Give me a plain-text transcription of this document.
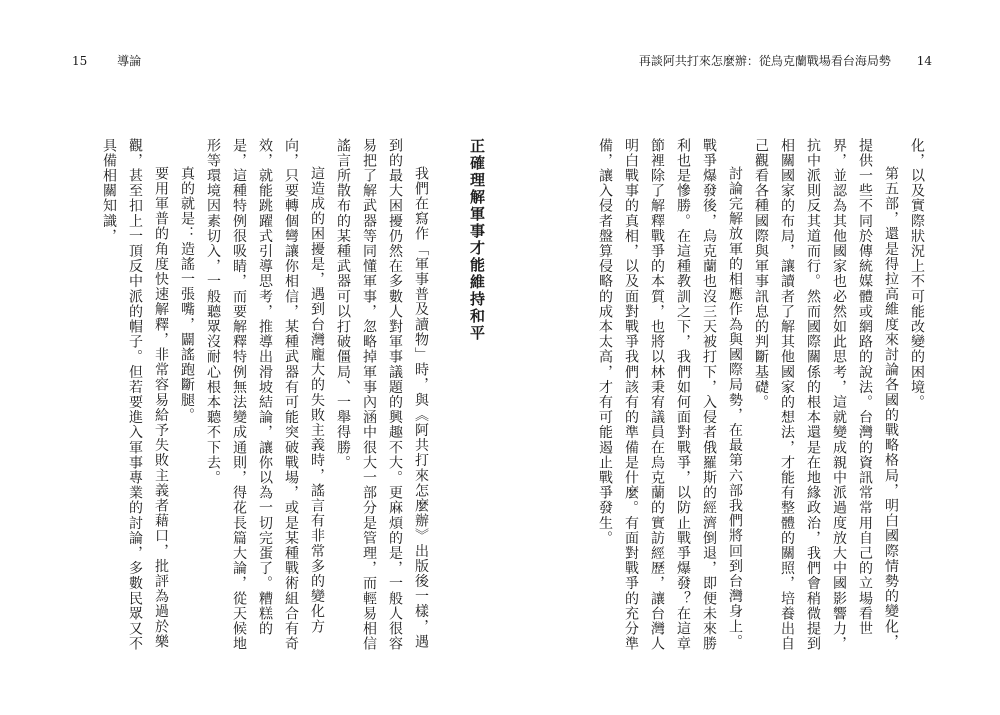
15 導論	再談阿共打來怎麼辦：從烏克蘭戰場看台海局勢 14

化，以及實際狀況上不可能改變的困境。

第五部，還是得拉高維度來討論各國的戰略格局，明白國際情勢的變化，提供一些不同於傳統媒體或網路的說法。台灣的資訊常常用自己的立場看世界，並認為其他國家也必然如此思考，這就變成親中派過度放大中國影響力，抗中派則反其道而行。然而國際關係的根本還是在地緣政治，我們會稍微提到相關國家的布局，讓讀者了解其他國家的想法，才能有整體的關照，培養出自己觀看各種國際與軍事訊息的判斷基礎。

討論完解放軍的相應作為與國際局勢，在最第六部我們將回到台灣身上。戰爭爆發後，烏克蘭也沒三天被打下，入侵者俄羅斯的經濟倒退，即便未來勝利也是慘勝。在這種教訓之下，我們如何面對戰爭，以防止戰爭爆發？在這章節裡除了解釋戰爭的本質，也將以林秉宥議員在烏克蘭的實訪經歷，讓台灣人明白戰事的真相，以及面對戰爭我們該有的準備是什麼。有面對戰爭的充分準備，讓入侵者盤算侵略的成本太高，才有可能遏止戰爭發生。

正確理解軍事才能維持和平

我們在寫作「軍事普及讀物」時，與《阿共打來怎麼辦》出版後一樣，遇到的最大困擾仍然在多數人對軍事議題的興趣不大。更麻煩的是，一般人很容易把了解武器等同懂軍事，忽略掉軍事內涵中很大一部分是管理，而輕易相信謠言所散布的某種武器可以打破僵局、一舉得勝。

這造成的困擾是，遇到台灣龐大的失敗主義時，謠言有非常多的變化方向，只要轉個彎讓你相信，某種武器有可能突破戰場，或是某種戰術組合有奇效，就能跳躍式引導思考，推導出滑坡結論，讓你以為一切完蛋了。糟糕的是，這種特例很吸睛，而要解釋特例無法變成通則，得花長篇大論，從天候地形等環境因素切入，一般聽眾沒耐心根本聽不下去。

真的就是：造謠一張嘴，闢謠跑斷腿。

要用軍普的角度快速解釋，非常容易給予失敗主義者藉口，批評為過於樂觀，甚至扣上一頂反中派的帽子。但若要進入軍事專業的討論，多數民眾又不具備相關知識，
